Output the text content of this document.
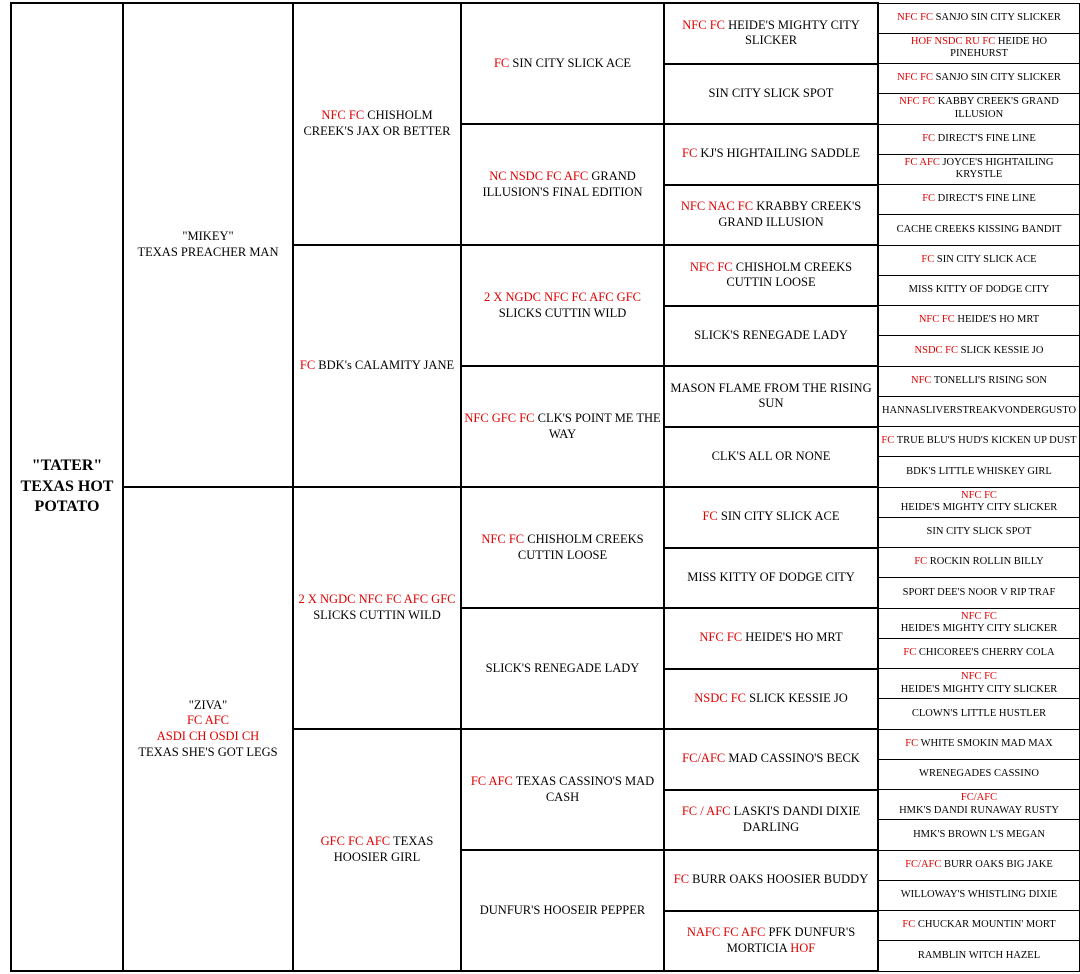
"TATER"
TEXAS HOT POTATO	"MIKEY"
TEXAS PREACHER MAN	NFC FC CHISHOLM CREEK'S JAX OR BETTER	FC SIN CITY SLICK ACE	NFC FC HEIDE'S MIGHTY CITY SLICKER	NFC FC SANJO SIN CITY SLICKER
					HOF NSDC RU FC HEIDE HO PINEHURST
				SIN CITY SLICK SPOT	NFC FC SANJO SIN CITY SLICKER
					NFC FC KABBY CREEK'S GRAND ILLUSION
			NC NSDC FC AFC GRAND ILLUSION'S FINAL EDITION	FC KJ'S HIGHTAILING SADDLE	FC DIRECT'S FINE LINE
					FC AFC JOYCE'S HIGHTAILING KRYSTLE
				NFC NAC FC KRABBY CREEK'S GRAND ILLUSION	FC DIRECT'S FINE LINE
					CACHE CREEKS KISSING BANDIT
		FC BDK's CALAMITY JANE	2 X NGDC NFC FC AFC GFC SLICKS CUTTIN WILD	NFC FC CHISHOLM CREEKS CUTTIN LOOSE	FC SIN CITY SLICK ACE
					MISS KITTY OF DODGE CITY
				SLICK'S RENEGADE LADY	NFC FC HEIDE'S HO MRT
					NSDC FC SLICK KESSIE JO
			NFC GFC FC CLK'S POINT ME THE WAY	MASON FLAME FROM THE RISING SUN	NFC TONELLI'S RISING SON
					HANNASLIVERSTREAKVONDERGUSTO
				CLK'S ALL OR NONE	FC TRUE BLU'S HUD'S KICKEN UP DUST
					BDK'S LITTLE WHISKEY GIRL
	"ZIVA"
FC AFC
ASDI CH OSDI CH
TEXAS SHE'S GOT LEGS	2 X NGDC NFC FC AFC GFC SLICKS CUTTIN WILD	NFC FC CHISHOLM CREEKS CUTTIN LOOSE	FC SIN CITY SLICK ACE	NFC FC
HEIDE'S MIGHTY CITY SLICKER
					SIN CITY SLICK SPOT
				MISS KITTY OF DODGE CITY	FC ROCKIN ROLLIN BILLY
					SPORT DEE'S NOOR V RIP TRAF
			SLICK'S RENEGADE LADY	NFC FC HEIDE'S HO MRT	NFC FC
HEIDE'S MIGHTY CITY SLICKER
					FC CHICOREE'S CHERRY COLA
				NSDC FC SLICK KESSIE JO	NFC FC
HEIDE'S MIGHTY CITY SLICKER
					CLOWN'S LITTLE HUSTLER
		GFC FC AFC TEXAS HOOSIER GIRL	FC AFC TEXAS CASSINO'S MAD CASH	FC/AFC MAD CASSINO'S BECK	FC WHITE SMOKIN MAD MAX
					WRENEGADES CASSINO
				FC / AFC LASKI'S DANDI DIXIE DARLING	FC/AFC
HMK'S DANDI RUNAWAY RUSTY
					HMK'S BROWN L'S MEGAN
			DUNFUR'S HOOSEIR PEPPER	FC BURR OAKS HOOSIER BUDDY	FC/AFC BURR OAKS BIG JAKE
					WILLOWAY'S WHISTLING DIXIE
				NAFC FC AFC PFK DUNFUR'S MORTICIA HOF	FC CHUCKAR MOUNTIN' MORT
					RAMBLIN WITCH HAZEL
